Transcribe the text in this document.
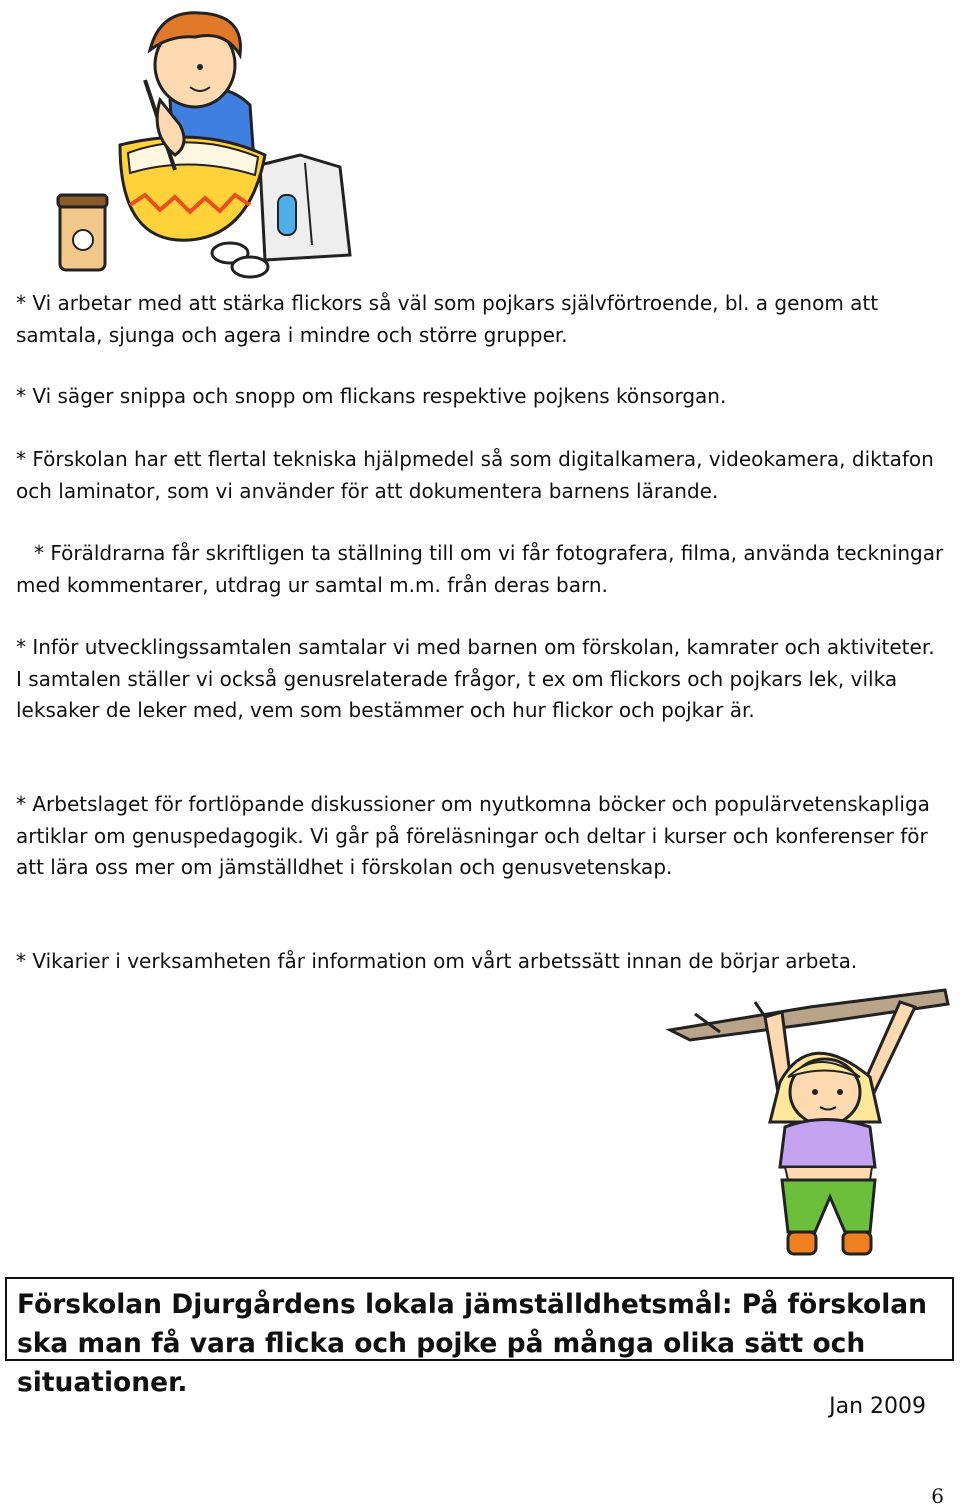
* Vi arbetar med att stärka flickors så väl som pojkars självförtroende, bl. a genom att samtala, sjunga och agera i mindre och större grupper.
* Vi säger snippa och snopp om flickans respektive pojkens könsorgan.
* Förskolan har ett flertal tekniska hjälpmedel så som digitalkamera, videokamera, diktafon och laminator, som vi använder för att dokumentera barnens lärande.
* Föräldrarna får skriftligen ta ställning till om vi får fotografera, filma, använda teckningar med kommentarer, utdrag ur samtal m.m. från deras barn.
* Inför utvecklingssamtalen samtalar vi med barnen om förskolan, kamrater och aktiviteter. I samtalen ställer vi också genusrelaterade frågor, t ex om flickors och pojkars lek, vilka leksaker de leker med, vem som bestämmer och hur flickor och pojkar är.
* Arbetslaget för fortlöpande diskussioner om nyutkomna böcker och populärvetenskapliga artiklar om genuspedagogik. Vi går på föreläsningar och deltar i kurser och konferenser för att lära oss mer om jämställdhet i förskolan och genusvetenskap.
* Vikarier i verksamheten får information om vårt arbetssätt innan de börjar arbeta.
Förskolan Djurgårdens lokala jämställdhetsmål: På förskolan ska man få vara flicka och pojke på många olika sätt och situationer.
Jan 2009
6
